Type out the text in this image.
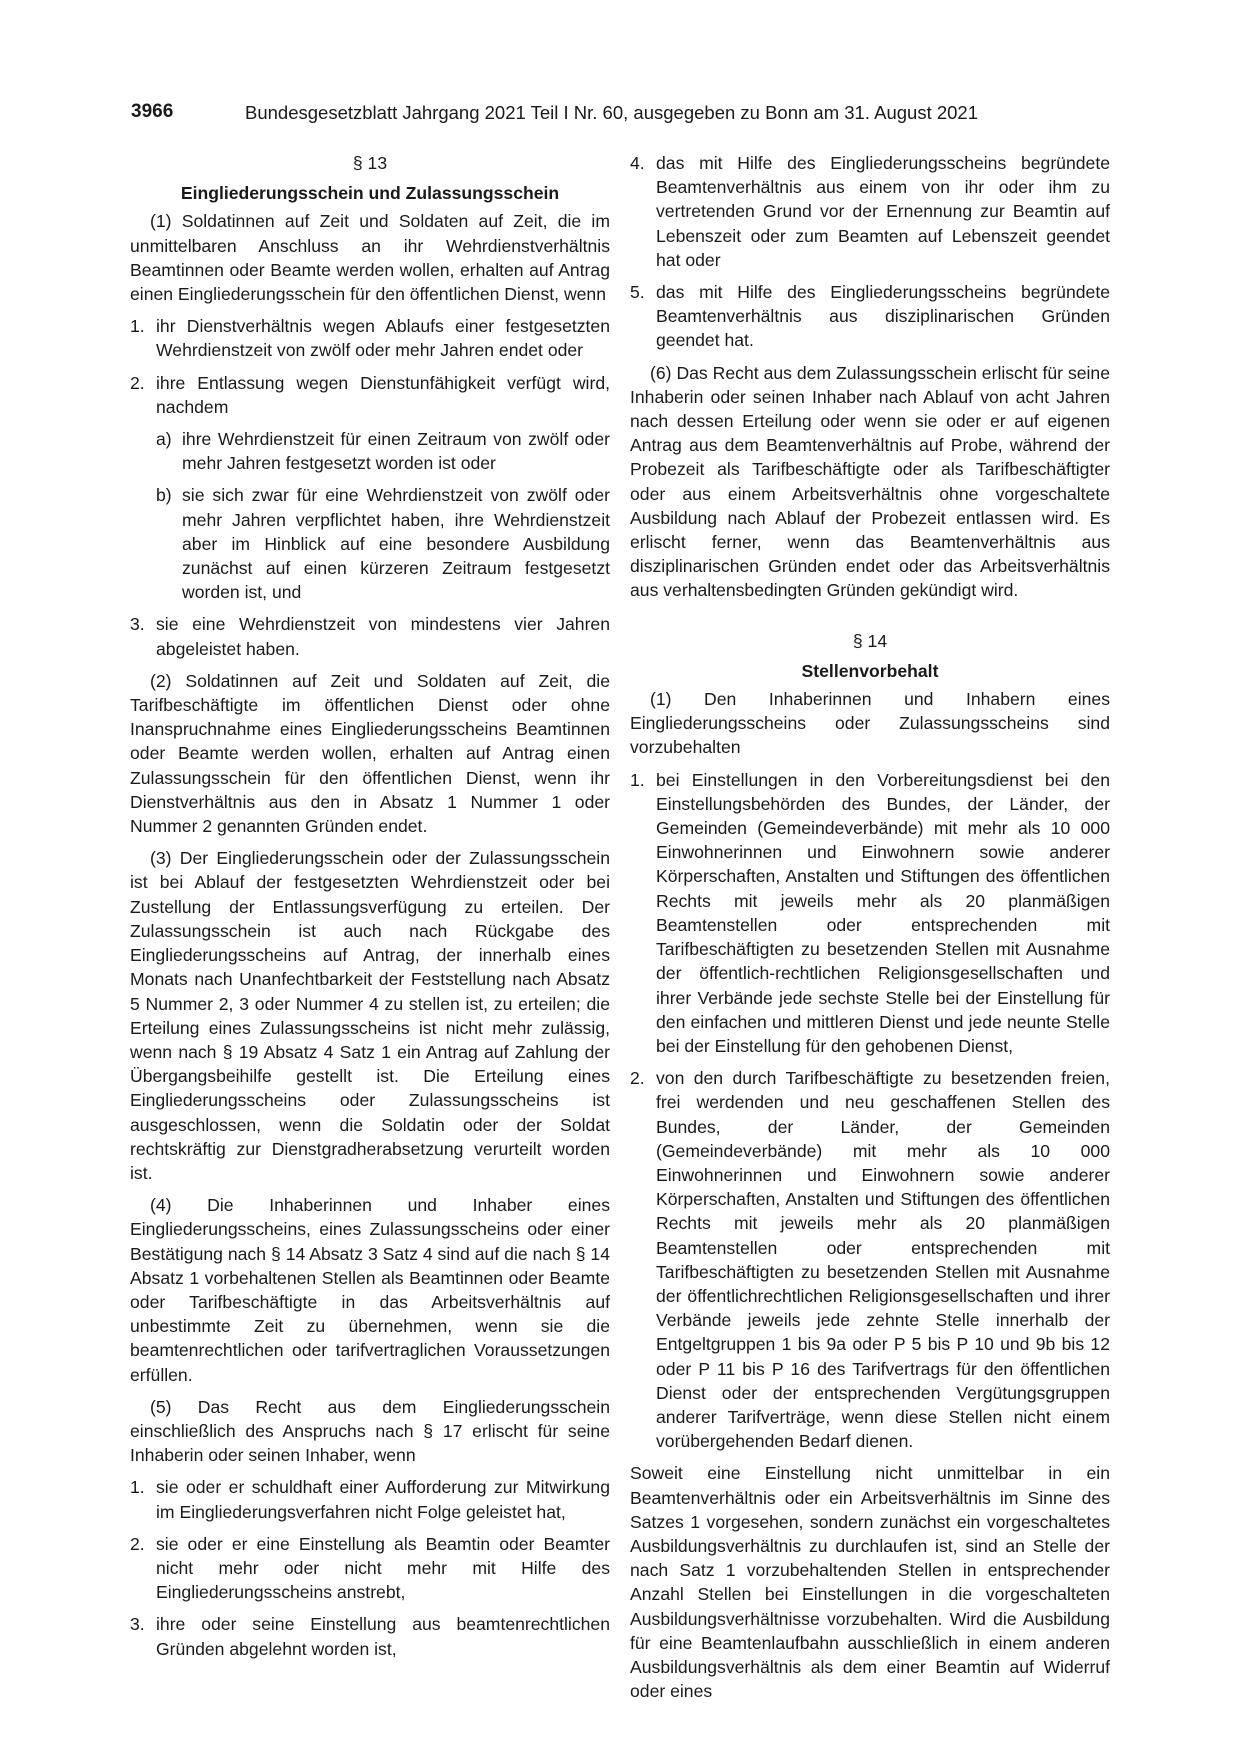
3966	Bundesgesetzblatt Jahrgang 2021 Teil I Nr. 60, ausgegeben zu Bonn am 31. August 2021

§ 13

Eingliederungsschein und Zulassungsschein

(1) Soldatinnen auf Zeit und Soldaten auf Zeit, die im unmittelbaren Anschluss an ihr Wehrdienstverhältnis Beamtinnen oder Beamte werden wollen, erhalten auf Antrag einen Eingliederungsschein für den öffentlichen Dienst, wenn

1. ihr Dienstverhältnis wegen Ablaufs einer festgesetzten Wehrdienstzeit von zwölf oder mehr Jahren endet oder
2. ihre Entlassung wegen Dienstunfähigkeit verfügt wird, nachdem
a) ihre Wehrdienstzeit für einen Zeitraum von zwölf oder mehr Jahren festgesetzt worden ist oder
b) sie sich zwar für eine Wehrdienstzeit von zwölf oder mehr Jahren verpflichtet haben, ihre Wehrdienstzeit aber im Hinblick auf eine besondere Ausbildung zunächst auf einen kürzeren Zeitraum festgesetzt worden ist, und
3. sie eine Wehrdienstzeit von mindestens vier Jahren abgeleistet haben.

(2) Soldatinnen auf Zeit und Soldaten auf Zeit, die Tarifbeschäftigte im öffentlichen Dienst oder ohne Inanspruchnahme eines Eingliederungsscheins Beamtinnen oder Beamte werden wollen, erhalten auf Antrag einen Zulassungsschein für den öffentlichen Dienst, wenn ihr Dienstverhältnis aus den in Absatz 1 Nummer 1 oder Nummer 2 genannten Gründen endet.

(3) Der Eingliederungsschein oder der Zulassungsschein ist bei Ablauf der festgesetzten Wehrdienstzeit oder bei Zustellung der Entlassungsverfügung zu erteilen. Der Zulassungsschein ist auch nach Rückgabe des Eingliederungsscheins auf Antrag, der innerhalb eines Monats nach Unanfechtbarkeit der Feststellung nach Absatz 5 Nummer 2, 3 oder Nummer 4 zu stellen ist, zu erteilen; die Erteilung eines Zulassungsscheins ist nicht mehr zulässig, wenn nach § 19 Absatz 4 Satz 1 ein Antrag auf Zahlung der Übergangsbeihilfe gestellt ist. Die Erteilung eines Eingliederungsscheins oder Zulassungsscheins ist ausgeschlossen, wenn die Soldatin oder der Soldat rechtskräftig zur Dienstgradherabsetzung verurteilt worden ist.

(4) Die Inhaberinnen und Inhaber eines Eingliederungsscheins, eines Zulassungsscheins oder einer Bestätigung nach § 14 Absatz 3 Satz 4 sind auf die nach § 14 Absatz 1 vorbehaltenen Stellen als Beamtinnen oder Beamte oder Tarifbeschäftigte in das Arbeitsverhältnis auf unbestimmte Zeit zu übernehmen, wenn sie die beamtenrechtlichen oder tarifvertraglichen Voraussetzungen erfüllen.

(5) Das Recht aus dem Eingliederungsschein einschließlich des Anspruchs nach § 17 erlischt für seine Inhaberin oder seinen Inhaber, wenn

1. sie oder er schuldhaft einer Aufforderung zur Mitwirkung im Eingliederungsverfahren nicht Folge geleistet hat,
2. sie oder er eine Einstellung als Beamtin oder Beamter nicht mehr oder nicht mehr mit Hilfe des Eingliederungsscheins anstrebt,
3. ihre oder seine Einstellung aus beamtenrechtlichen Gründen abgelehnt worden ist,
4. das mit Hilfe des Eingliederungsscheins begründete Beamtenverhältnis aus einem von ihr oder ihm zu vertretenden Grund vor der Ernennung zur Beamtin auf Lebenszeit oder zum Beamten auf Lebenszeit geendet hat oder
5. das mit Hilfe des Eingliederungsscheins begründete Beamtenverhältnis aus disziplinarischen Gründen geendet hat.

(6) Das Recht aus dem Zulassungsschein erlischt für seine Inhaberin oder seinen Inhaber nach Ablauf von acht Jahren nach dessen Erteilung oder wenn sie oder er auf eigenen Antrag aus dem Beamtenverhältnis auf Probe, während der Probezeit als Tarifbeschäftigte oder als Tarifbeschäftigter oder aus einem Arbeitsverhältnis ohne vorgeschaltete Ausbildung nach Ablauf der Probezeit entlassen wird. Es erlischt ferner, wenn das Beamtenverhältnis aus disziplinarischen Gründen endet oder das Arbeitsverhältnis aus verhaltensbedingten Gründen gekündigt wird.

§ 14

Stellenvorbehalt

(1) Den Inhaberinnen und Inhabern eines Eingliederungsscheins oder Zulassungsscheins sind vorzubehalten

1. bei Einstellungen in den Vorbereitungsdienst bei den Einstellungsbehörden des Bundes, der Länder, der Gemeinden (Gemeindeverbände) mit mehr als 10 000 Einwohnerinnen und Einwohnern sowie anderer Körperschaften, Anstalten und Stiftungen des öffentlichen Rechts mit jeweils mehr als 20 planmäßigen Beamtenstellen oder entsprechenden mit Tarifbeschäftigten zu besetzenden Stellen mit Ausnahme der öffentlich-rechtlichen Religionsgesellschaften und ihrer Verbände jede sechste Stelle bei der Einstellung für den einfachen und mittleren Dienst und jede neunte Stelle bei der Einstellung für den gehobenen Dienst,
2. von den durch Tarifbeschäftigte zu besetzenden freien, frei werdenden und neu geschaffenen Stellen des Bundes, der Länder, der Gemeinden (Gemeindeverbände) mit mehr als 10 000 Einwohnerinnen und Einwohnern sowie anderer Körperschaften, Anstalten und Stiftungen des öffentlichen Rechts mit jeweils mehr als 20 planmäßigen Beamtenstellen oder entsprechenden mit Tarifbeschäftigten zu besetzenden Stellen mit Ausnahme der öffentlichrechtlichen Religionsgesellschaften und ihrer Verbände jeweils jede zehnte Stelle innerhalb der Entgeltgruppen 1 bis 9a oder P 5 bis P 10 und 9b bis 12 oder P 11 bis P 16 des Tarifvertrags für den öffentlichen Dienst oder der entsprechenden Vergütungsgruppen anderer Tarifverträge, wenn diese Stellen nicht einem vorübergehenden Bedarf dienen.

Soweit eine Einstellung nicht unmittelbar in ein Beamtenverhältnis oder ein Arbeitsverhältnis im Sinne des Satzes 1 vorgesehen, sondern zunächst ein vorgeschaltetes Ausbildungsverhältnis zu durchlaufen ist, sind an Stelle der nach Satz 1 vorzubehaltenden Stellen in entsprechender Anzahl Stellen bei Einstellungen in die vorgeschalteten Ausbildungsverhältnisse vorzubehalten. Wird die Ausbildung für eine Beamtenlaufbahn ausschließlich in einem anderen Ausbildungsverhältnis als dem einer Beamtin auf Widerruf oder eines
